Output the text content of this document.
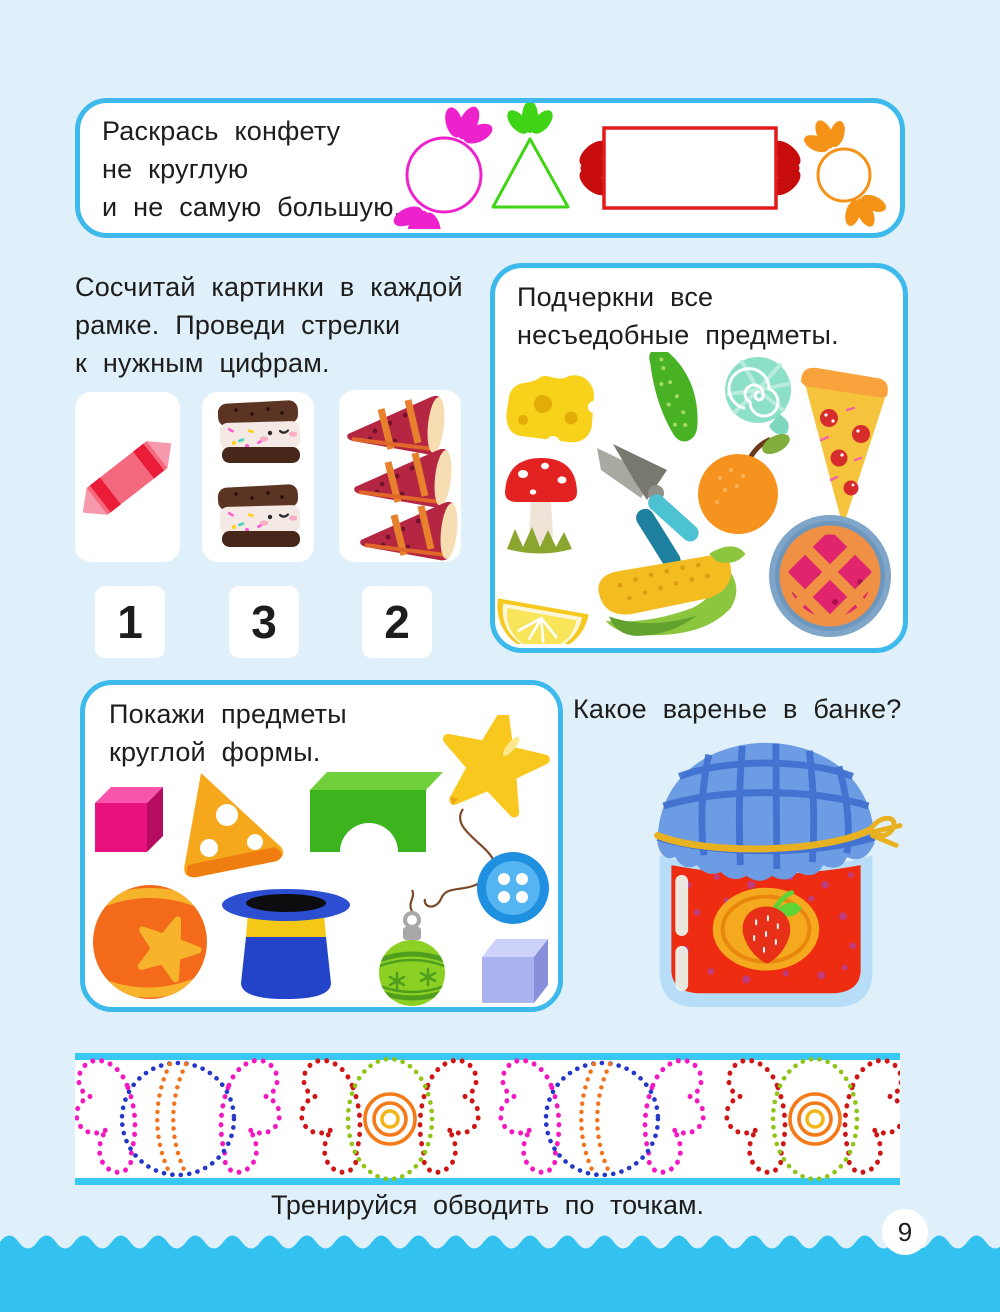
Раскрась конфету
не круглую
и не самую большую.
Сосчитай картинки в каждой
рамке. Проведи стрелки
к нужным цифрам.
1	3	2
Подчеркни все
несъедобные предметы.
Покажи предметы
круглой формы.
Какое варенье в банке?
Тренируйся обводить по точкам.
9
